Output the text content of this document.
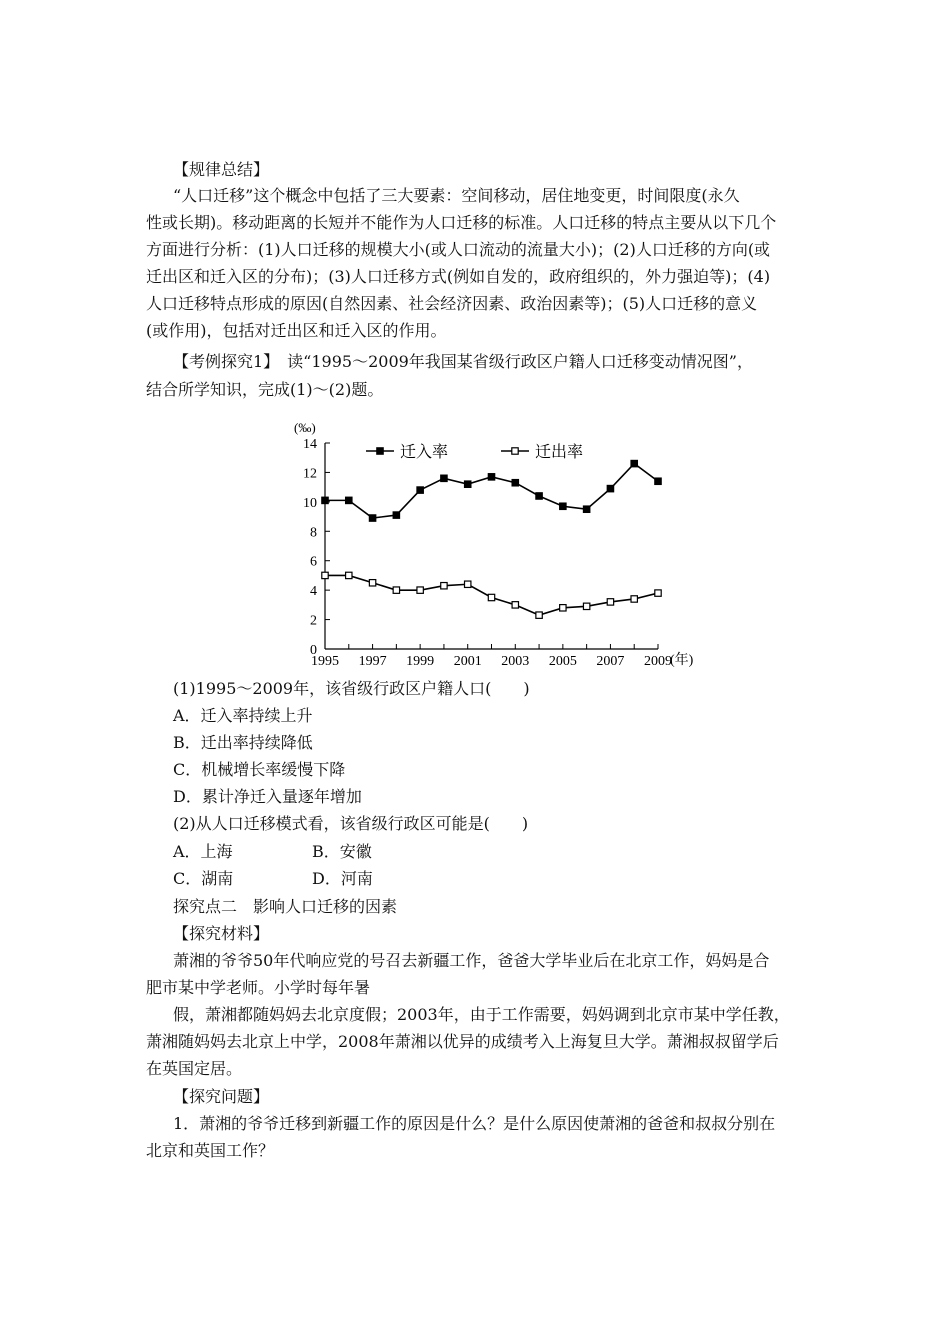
【规律总结】
“人口迁移”这个概念中包括了三大要素：空间移动，居住地变更，时间限度(永久
性或长期)。移动距离的长短并不能作为人口迁移的标准。人口迁移的特点主要从以下几个
方面进行分析：(1)人口迁移的规模大小(或人口流动的流量大小)；(2)人口迁移的方向(或
迁出区和迁入区的分布)；(3)人口迁移方式(例如自发的，政府组织的，外力强迫等)；(4)
人口迁移特点形成的原因(自然因素、社会经济因素、政治因素等)；(5)人口迁移的意义
(或作用)，包括对迁出区和迁入区的作用。
【考例探究1】　读“1995～2009年我国某省级行政区户籍人口迁移变动情况图”，
结合所学知识，完成(1)～(2)题。
(‰)
(年)
0
2
4
6
8
10
12
14
1995 1997 1999 2001 2003 2005 2007 2009
迁入率	迁出率
(1)1995～2009年，该省级行政区户籍人口(　　)
A．迁入率持续上升
B．迁出率持续降低
C．机械增长率缓慢下降
D．累计净迁入量逐年增加
(2)从人口迁移模式看，该省级行政区可能是(　　)
A．上海	B．安徽
C．湖南	D．河南
探究点二　影响人口迁移的因素
【探究材料】
萧湘的爷爷50年代响应党的号召去新疆工作，爸爸大学毕业后在北京工作，妈妈是合
肥市某中学老师。小学时每年暑
假，萧湘都随妈妈去北京度假；2003年，由于工作需要，妈妈调到北京市某中学任教，
萧湘随妈妈去北京上中学，2008年萧湘以优异的成绩考入上海复旦大学。萧湘叔叔留学后
在英国定居。
【探究问题】
1．萧湘的爷爷迁移到新疆工作的原因是什么？是什么原因使萧湘的爸爸和叔叔分别在
北京和英国工作？
